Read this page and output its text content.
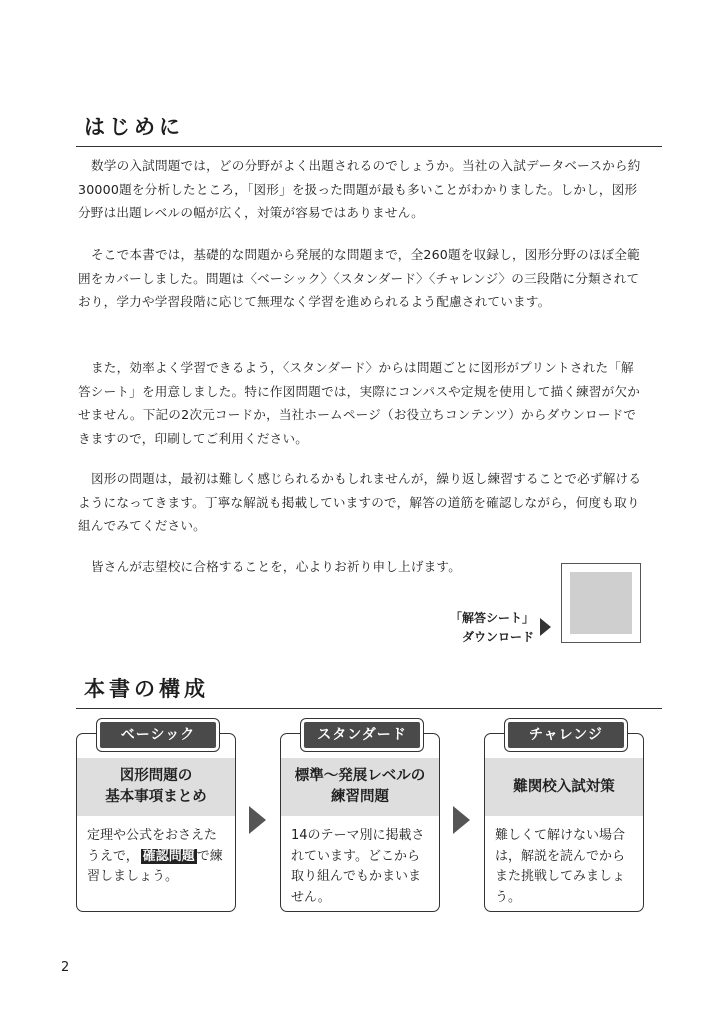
はじめに

数学の入試問題では，どの分野がよく出題されるのでしょうか。当社の入試データベースから約30000題を分析したところ，「図形」を扱った問題が最も多いことがわかりました。しかし，図形分野は出題レベルの幅が広く，対策が容易ではありません。

そこで本書では，基礎的な問題から発展的な問題まで，全260題を収録し，図形分野のほぼ全範囲をカバーしました。問題は〈ベーシック〉〈スタンダード〉〈チャレンジ〉の三段階に分類されており，学力や学習段階に応じて無理なく学習を進められるよう配慮されています。

また，効率よく学習できるよう，〈スタンダード〉からは問題ごとに図形がプリントされた「解答シート」を用意しました。特に作図問題では，実際にコンパスや定規を使用して描く練習が欠かせません。下記の2次元コードか，当社ホームページ（お役立ちコンテンツ）からダウンロードできますので，印刷してご利用ください。

図形の問題は，最初は難しく感じられるかもしれませんが，繰り返し練習することで必ず解けるようになってきます。丁寧な解説も掲載していますので，解答の道筋を確認しながら，何度も取り組んでみてください。

皆さんが志望校に合格することを，心よりお祈り申し上げます。

「解答シート」
ダウンロード
本書の構成
ベーシック
図形問題の
基本事項まとめ
定理や公式をおさえたうえで， 確認問題 で練習しましょう。
スタンダード
標準～発展レベルの
練習問題
14のテーマ別に掲載されています。どこから取り組んでもかまいません。
チャレンジ
難関校入試対策
難しくて解けない場合は，解説を読んでからまた挑戦してみましょう。
2
